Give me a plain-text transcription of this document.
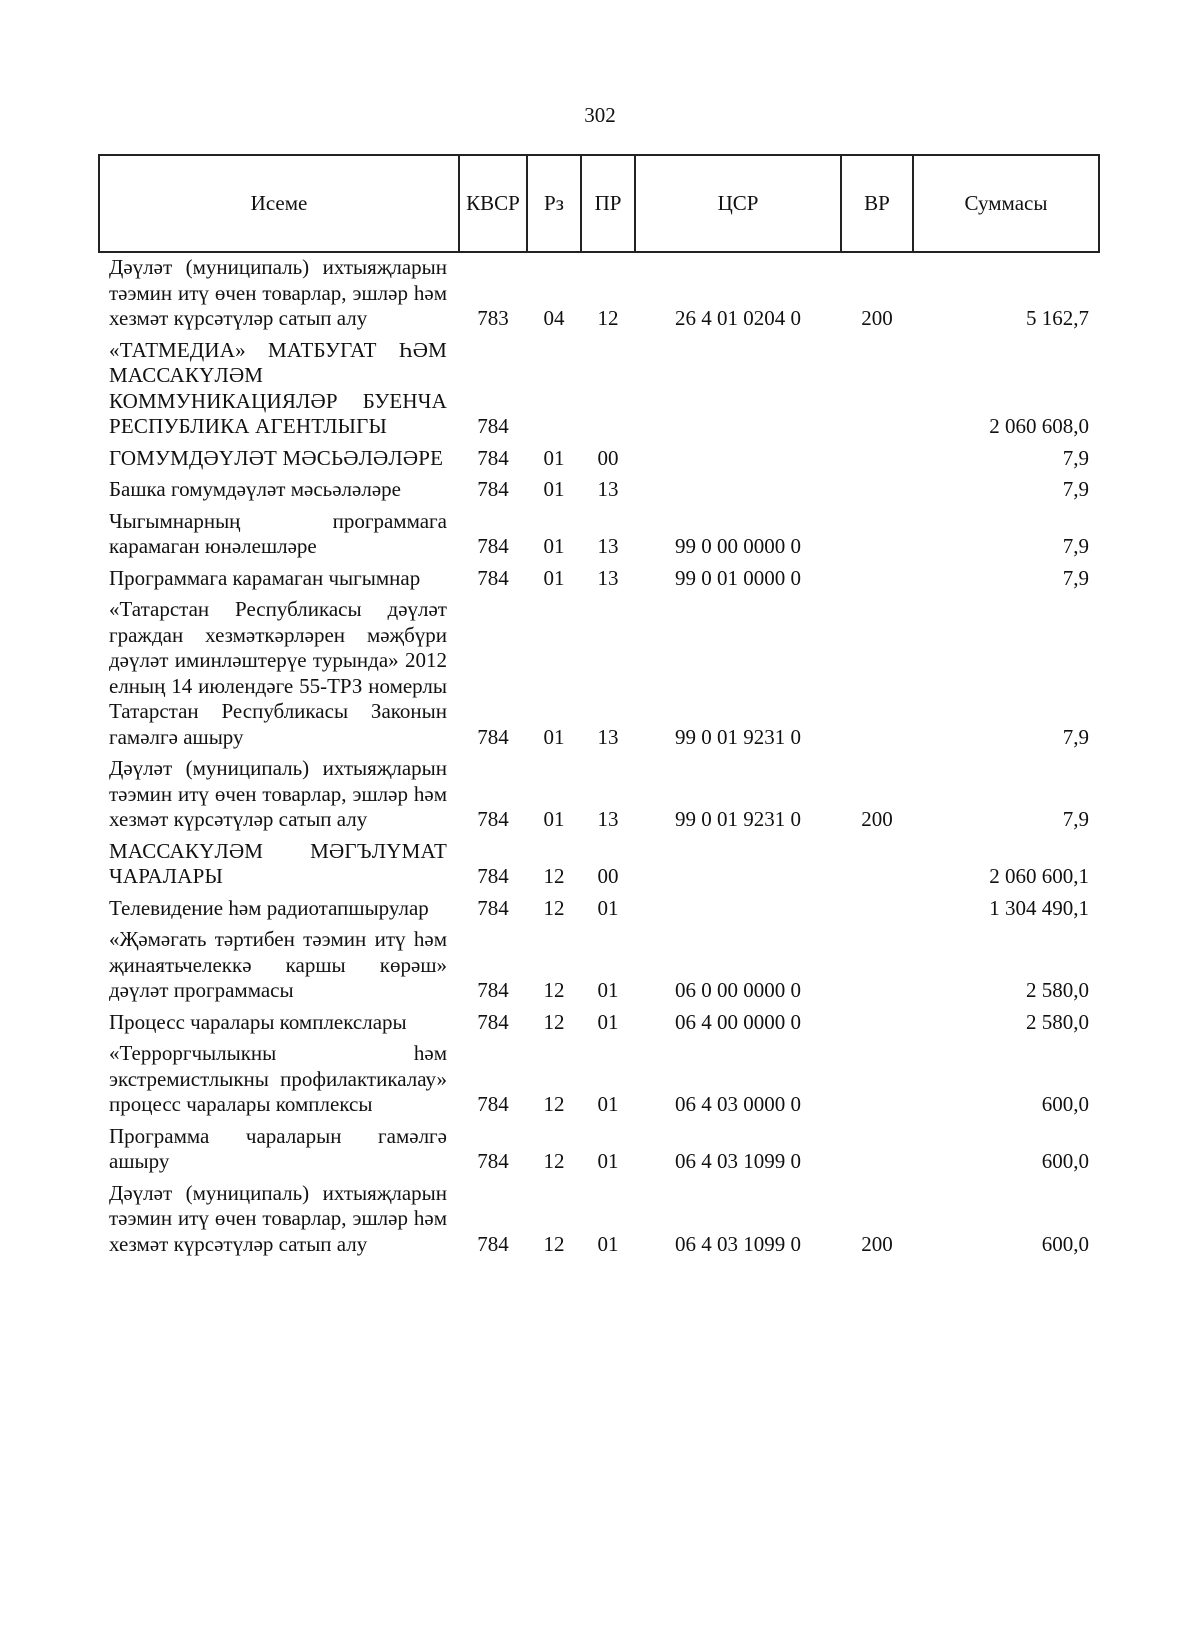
302
Исеме	КВСР	Рз	ПР	ЦСР	ВР	Суммасы
Дәүләт (муниципаль) ихтыяҗларын тәэмин итү өчен товарлар, эшләр һәм хезмәт күрсәтүләр сатып алу	783	04	12	26 4 01 0204 0	200	5 162,7
«ТАТМЕДИА» МАТБУГАТ ҺӘМ МАССАКҮЛӘМ КОММУНИКАЦИЯЛӘР БУЕНЧА РЕСПУБЛИКА АГЕНТЛЫГЫ	784					2 060 608,0
ГОМУМДӘҮЛӘТ МӘСЬӘЛӘЛӘРЕ	784	01	00			7,9
Башка гомумдәүләт мәсьәләләре	784	01	13			7,9
Чыгымнарның программага карамаган юнәлешләре	784	01	13	99 0 00 0000 0		7,9
Программага карамаган чыгымнар	784	01	13	99 0 01 0000 0		7,9
«Татарстан Республикасы дәүләт граждан хезмәткәрләрен мәҗбүри дәүләт иминләштерүе турында» 2012 елның 14 июлендәге 55-ТРЗ номерлы Татарстан Республикасы Законын гамәлгә ашыру	784	01	13	99 0 01 9231 0		7,9
Дәүләт (муниципаль) ихтыяҗларын тәэмин итү өчен товарлар, эшләр һәм хезмәт күрсәтүләр сатып алу	784	01	13	99 0 01 9231 0	200	7,9
МАССАКҮЛӘМ МӘГЪЛҮМАТ ЧАРАЛАРЫ	784	12	00			2 060 600,1
Телевидение һәм радиотапшырулар	784	12	01			1 304 490,1
«Җәмәгать тәртибен тәэмин итү һәм җинаятьчелеккә каршы көрәш» дәүләт программасы	784	12	01	06 0 00 0000 0		2 580,0
Процесс чаралары комплекслары	784	12	01	06 4 00 0000 0		2 580,0
«Терроргчылыкны һәм экстремистлыкны профилактикалау» процесс чаралары комплексы	784	12	01	06 4 03 0000 0		600,0
Программа чараларын гамәлгә ашыру	784	12	01	06 4 03 1099 0		600,0
Дәүләт (муниципаль) ихтыяҗларын тәэмин итү өчен товарлар, эшләр һәм хезмәт күрсәтүләр сатып алу	784	12	01	06 4 03 1099 0	200	600,0
